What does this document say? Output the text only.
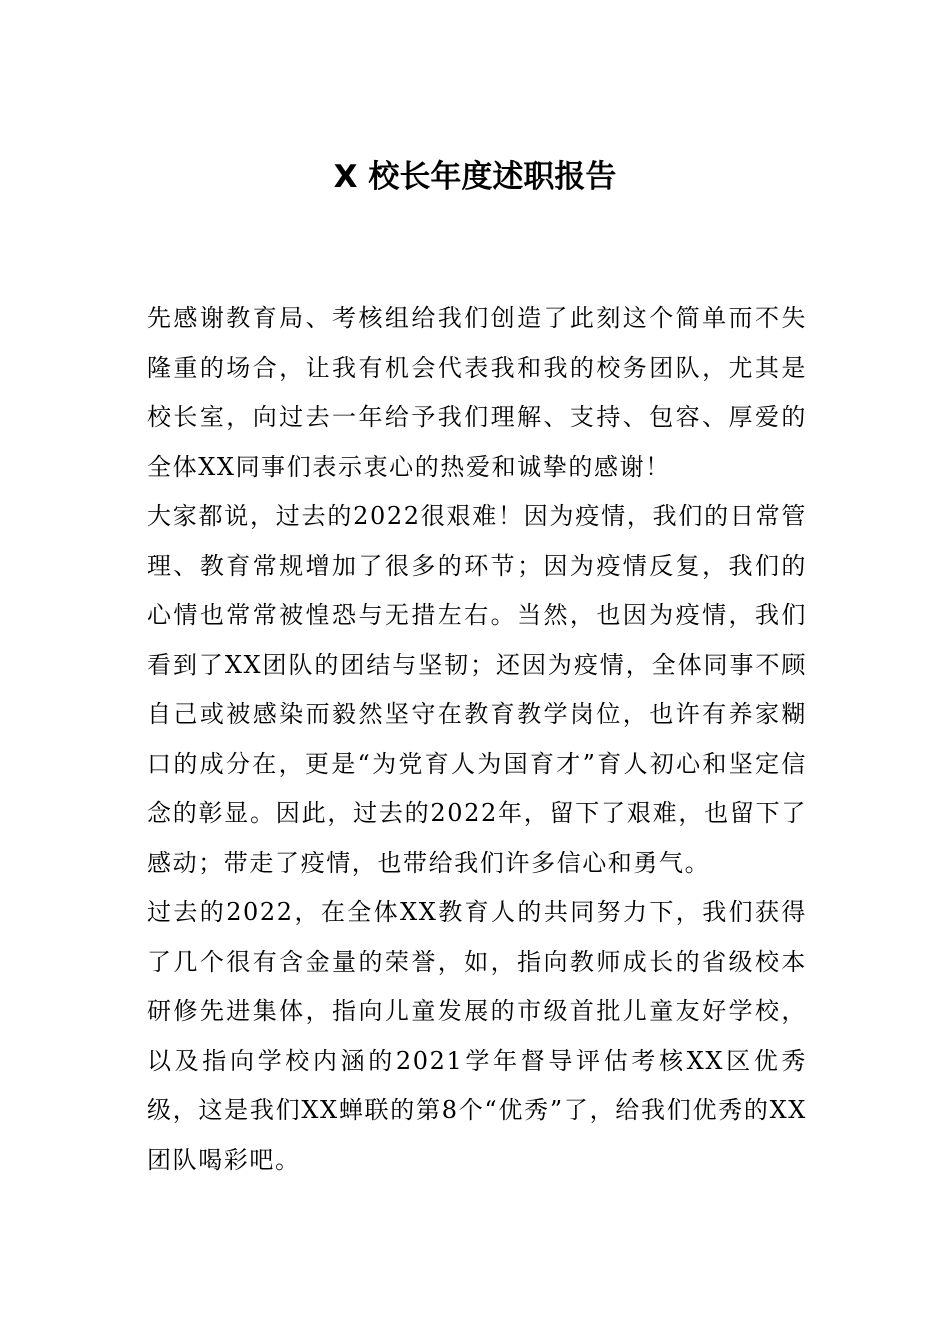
X 校长年度述职报告

先感谢教育局、考核组给我们创造了此刻这个简单而不失隆重的场合，让我有机会代表我和我的校务团队，尤其是校长室，向过去一年给予我们理解、支持、包容、厚爱的全体XX同事们表示衷心的热爱和诚挚的感谢！

大家都说，过去的2022很艰难！因为疫情，我们的日常管理、教育常规增加了很多的环节；因为疫情反复，我们的心情也常常被惶恐与无措左右。当然，也因为疫情，我们看到了XX团队的团结与坚韧；还因为疫情，全体同事不顾自己或被感染而毅然坚守在教育教学岗位，也许有养家糊口的成分在，更是“为党育人为国育才”育人初心和坚定信念的彰显。因此，过去的2022年，留下了艰难，也留下了感动；带走了疫情，也带给我们许多信心和勇气。

过去的2022，在全体XX教育人的共同努力下，我们获得了几个很有含金量的荣誉，如，指向教师成长的省级校本研修先进集体，指向儿童发展的市级首批儿童友好学校，以及指向学校内涵的2021学年督导评估考核XX区优秀级，这是我们XX蝉联的第8个“优秀”了，给我们优秀的XX团队喝彩吧。
